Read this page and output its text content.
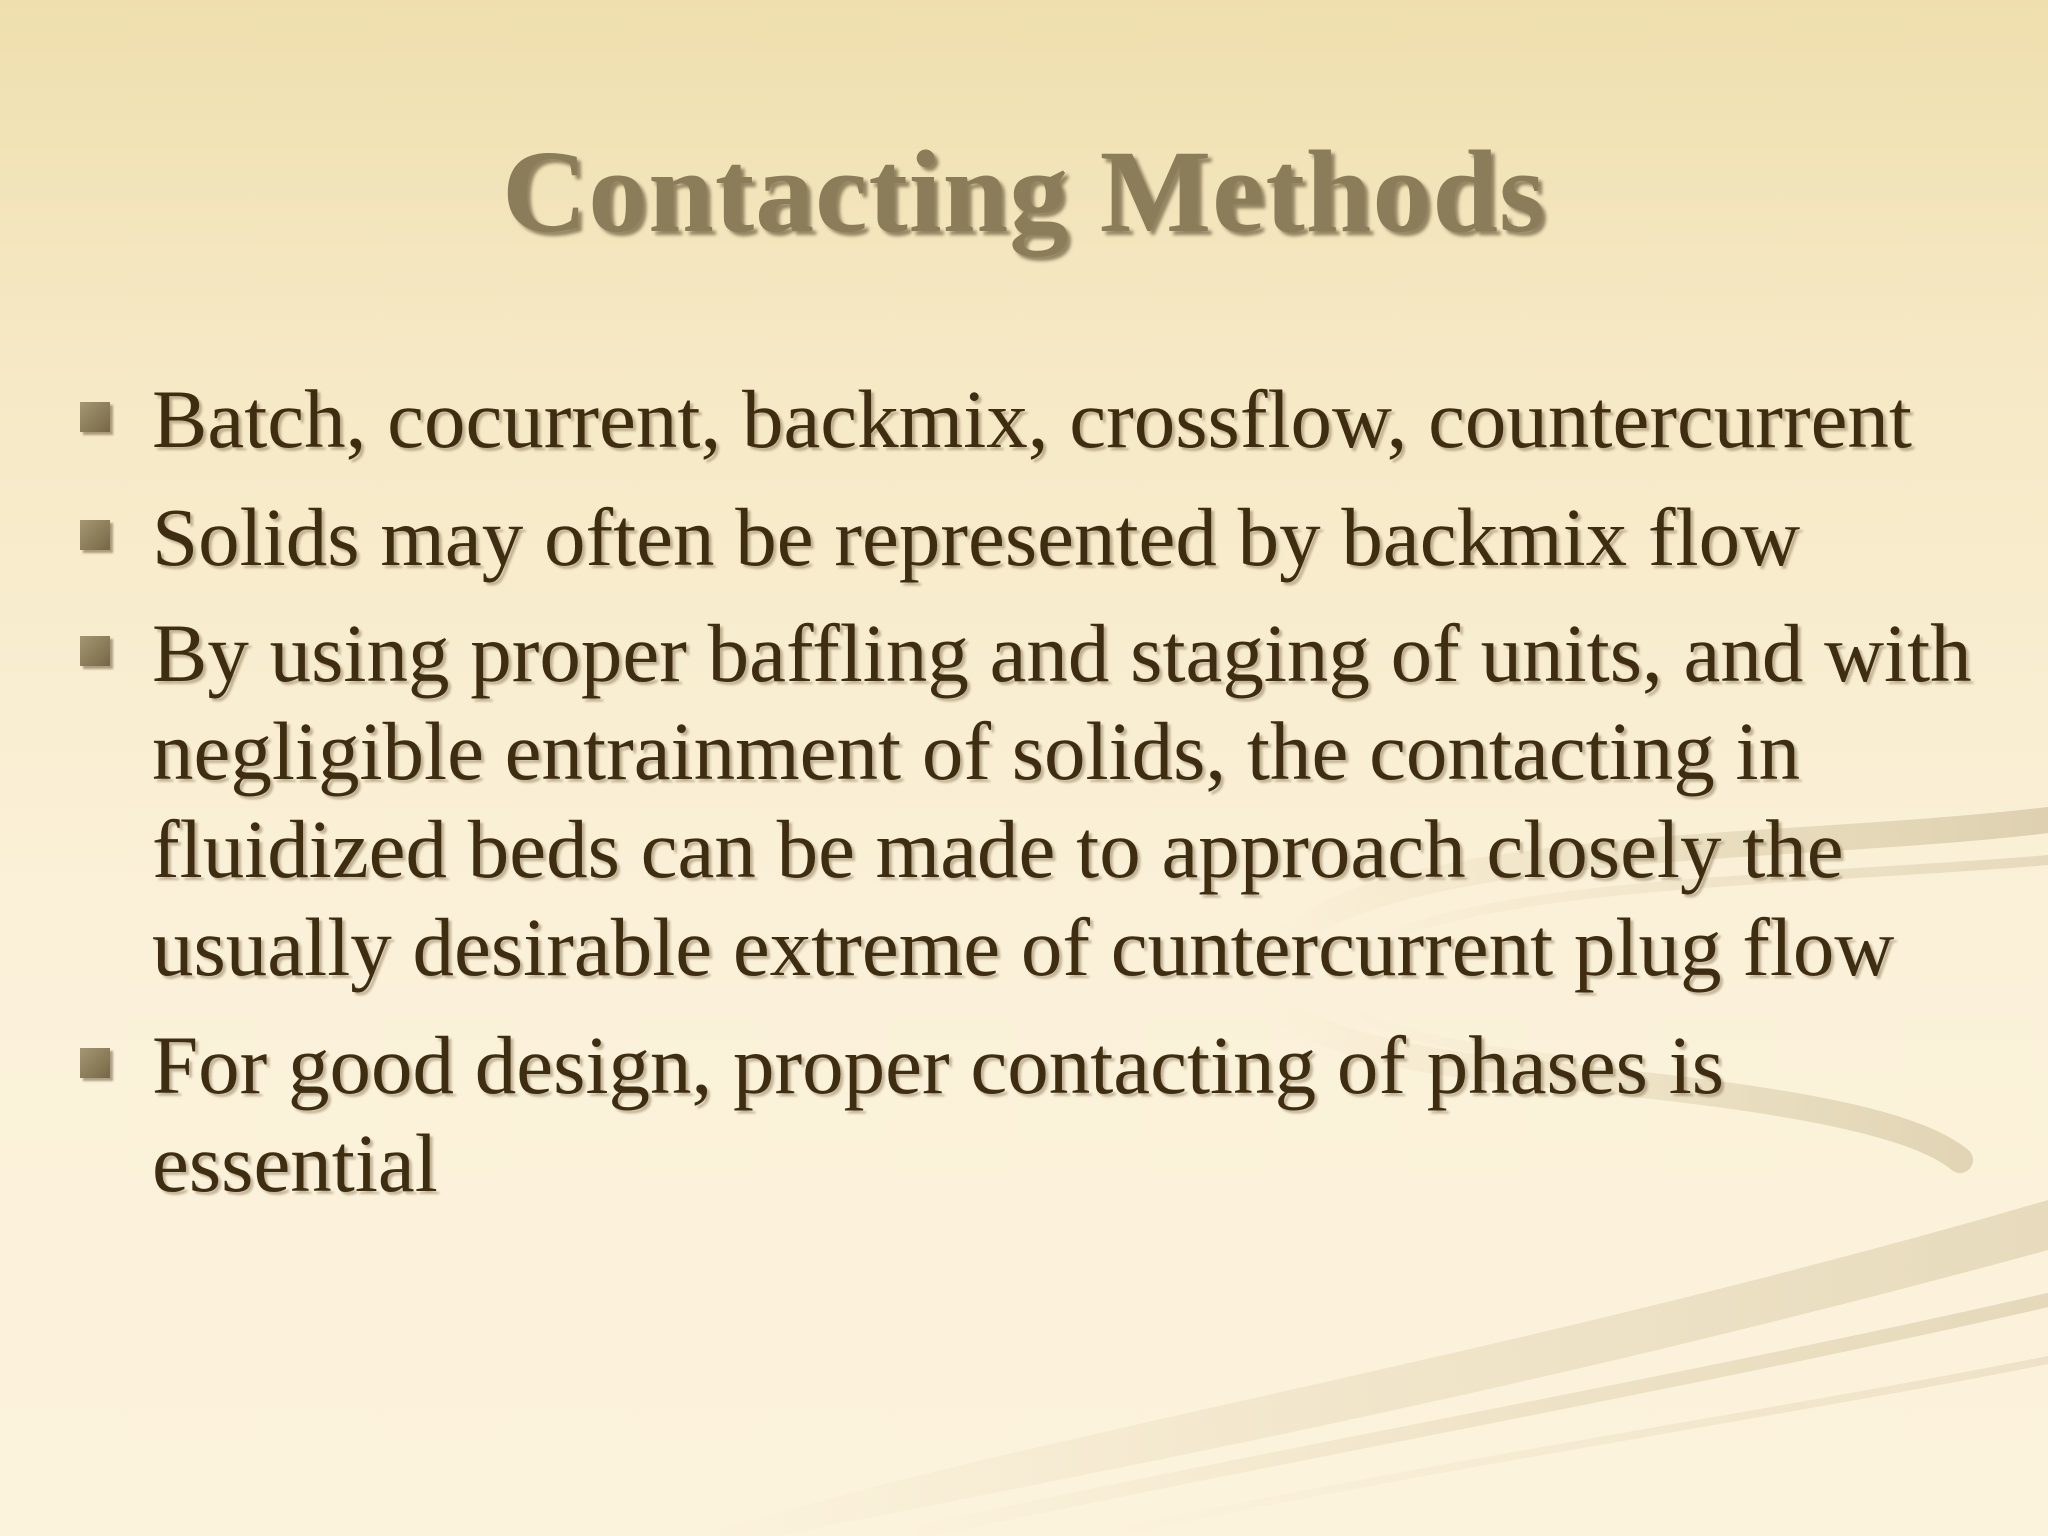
Contacting Methods
Batch, cocurrent, backmix, crossflow, countercurrent
Solids may often be represented by backmix flow
By using proper baffling and staging of units, and with negligible entrainment of solids, the contacting in fluidized beds can be made to approach closely the usually desirable extreme of cuntercurrent plug flow
For good design, proper contacting of phases is essential
